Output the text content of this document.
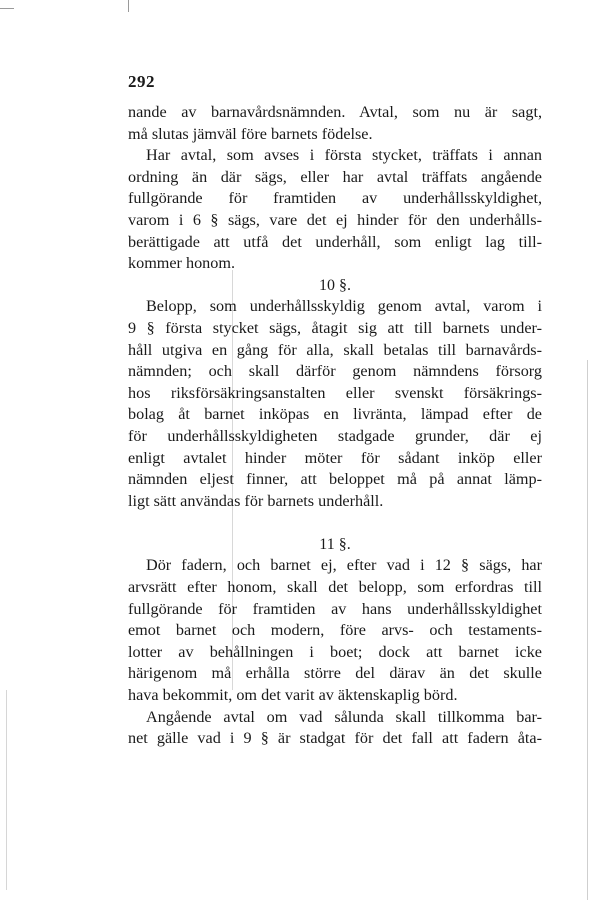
292
nande av barnavårdsnämnden. Avtal, som nu är sagt,
må slutas jämväl före barnets födelse.
Har avtal, som avses i första stycket, träffats i annan
ordning än där sägs, eller har avtal träffats angående
fullgörande för framtiden av underhållsskyldighet,
varom i 6 § sägs, vare det ej hinder för den underhålls-
berättigade att utfå det underhåll, som enligt lag till-
kommer honom.
10 §.
Belopp, som underhållsskyldig genom avtal, varom i
9 § första stycket sägs, åtagit sig att till barnets under-
håll utgiva en gång för alla, skall betalas till barnavårds-
nämnden; och skall därför genom nämndens försorg
hos riksförsäkringsanstalten eller svenskt försäkrings-
bolag åt barnet inköpas en livränta, lämpad efter de
för underhållsskyldigheten stadgade grunder, där ej
enligt avtalet hinder möter för sådant inköp eller
nämnden eljest finner, att beloppet må på annat lämp-
ligt sätt användas för barnets underhåll.
11 §.
Dör fadern, och barnet ej, efter vad i 12 § sägs, har
arvsrätt efter honom, skall det belopp, som erfordras till
fullgörande för framtiden av hans underhållsskyldighet
emot barnet och modern, före arvs- och testaments-
lotter av behållningen i boet; dock att barnet icke
härigenom må erhålla större del därav än det skulle
hava bekommit, om det varit av äktenskaplig börd.
Angående avtal om vad sålunda skall tillkomma bar-
net gälle vad i 9 § är stadgat för det fall att fadern åta-
